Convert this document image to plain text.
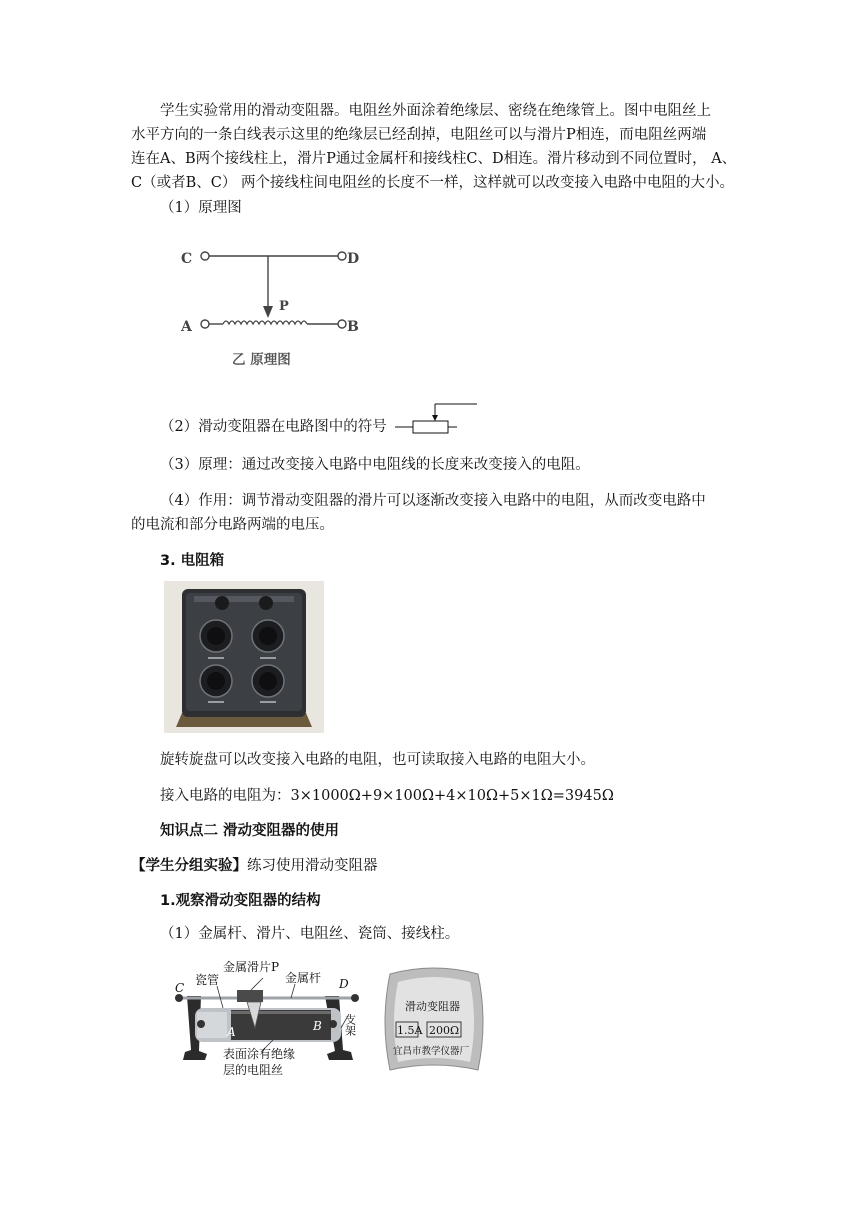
学生实验常用的滑动变阻器。电阻丝外面涂着绝缘层、密绕在绝缘管上。图中电阻丝上
水平方向的一条白线表示这里的绝缘层已经刮掉，电阻丝可以与滑片P相连，而电阻丝两端
连在A、B两个接线柱上，滑片P通过金属杆和接线柱C、D相连。滑片移动到不同位置时， A、
C（或者B、C） 两个接线柱间电阻丝的长度不一样，这样就可以改变接入电路中电阻的大小。
（1）原理图
C	D
P
A	B
乙 原理图
（2）滑动变阻器在电路图中的符号
（3）原理：通过改变接入电路中电阻线的长度来改变接入的电阻。
（4）作用：调节滑动变阻器的滑片可以逐渐改变接入电路中的电阻，从而改变电路中
的电流和部分电路两端的电压。
3. 电阻箱
旋转旋盘可以改变接入电路的电阻，也可读取接入电路的电阻大小。
接入电路的电阻为：3×1000Ω+9×100Ω+4×10Ω+5×1Ω=3945Ω
知识点二 滑动变阻器的使用
【学生分组实验】练习使用滑动变阻器
1.观察滑动变阻器的结构
（1）金属杆、滑片、电阻丝、瓷筒、接线柱。
金属滑片P
金属杆
瓷管
C	D
A	B 支架
表面涂有绝缘
层的电阻丝
滑动变阻器
1.5A 200Ω
宜昌市教学仪器厂
